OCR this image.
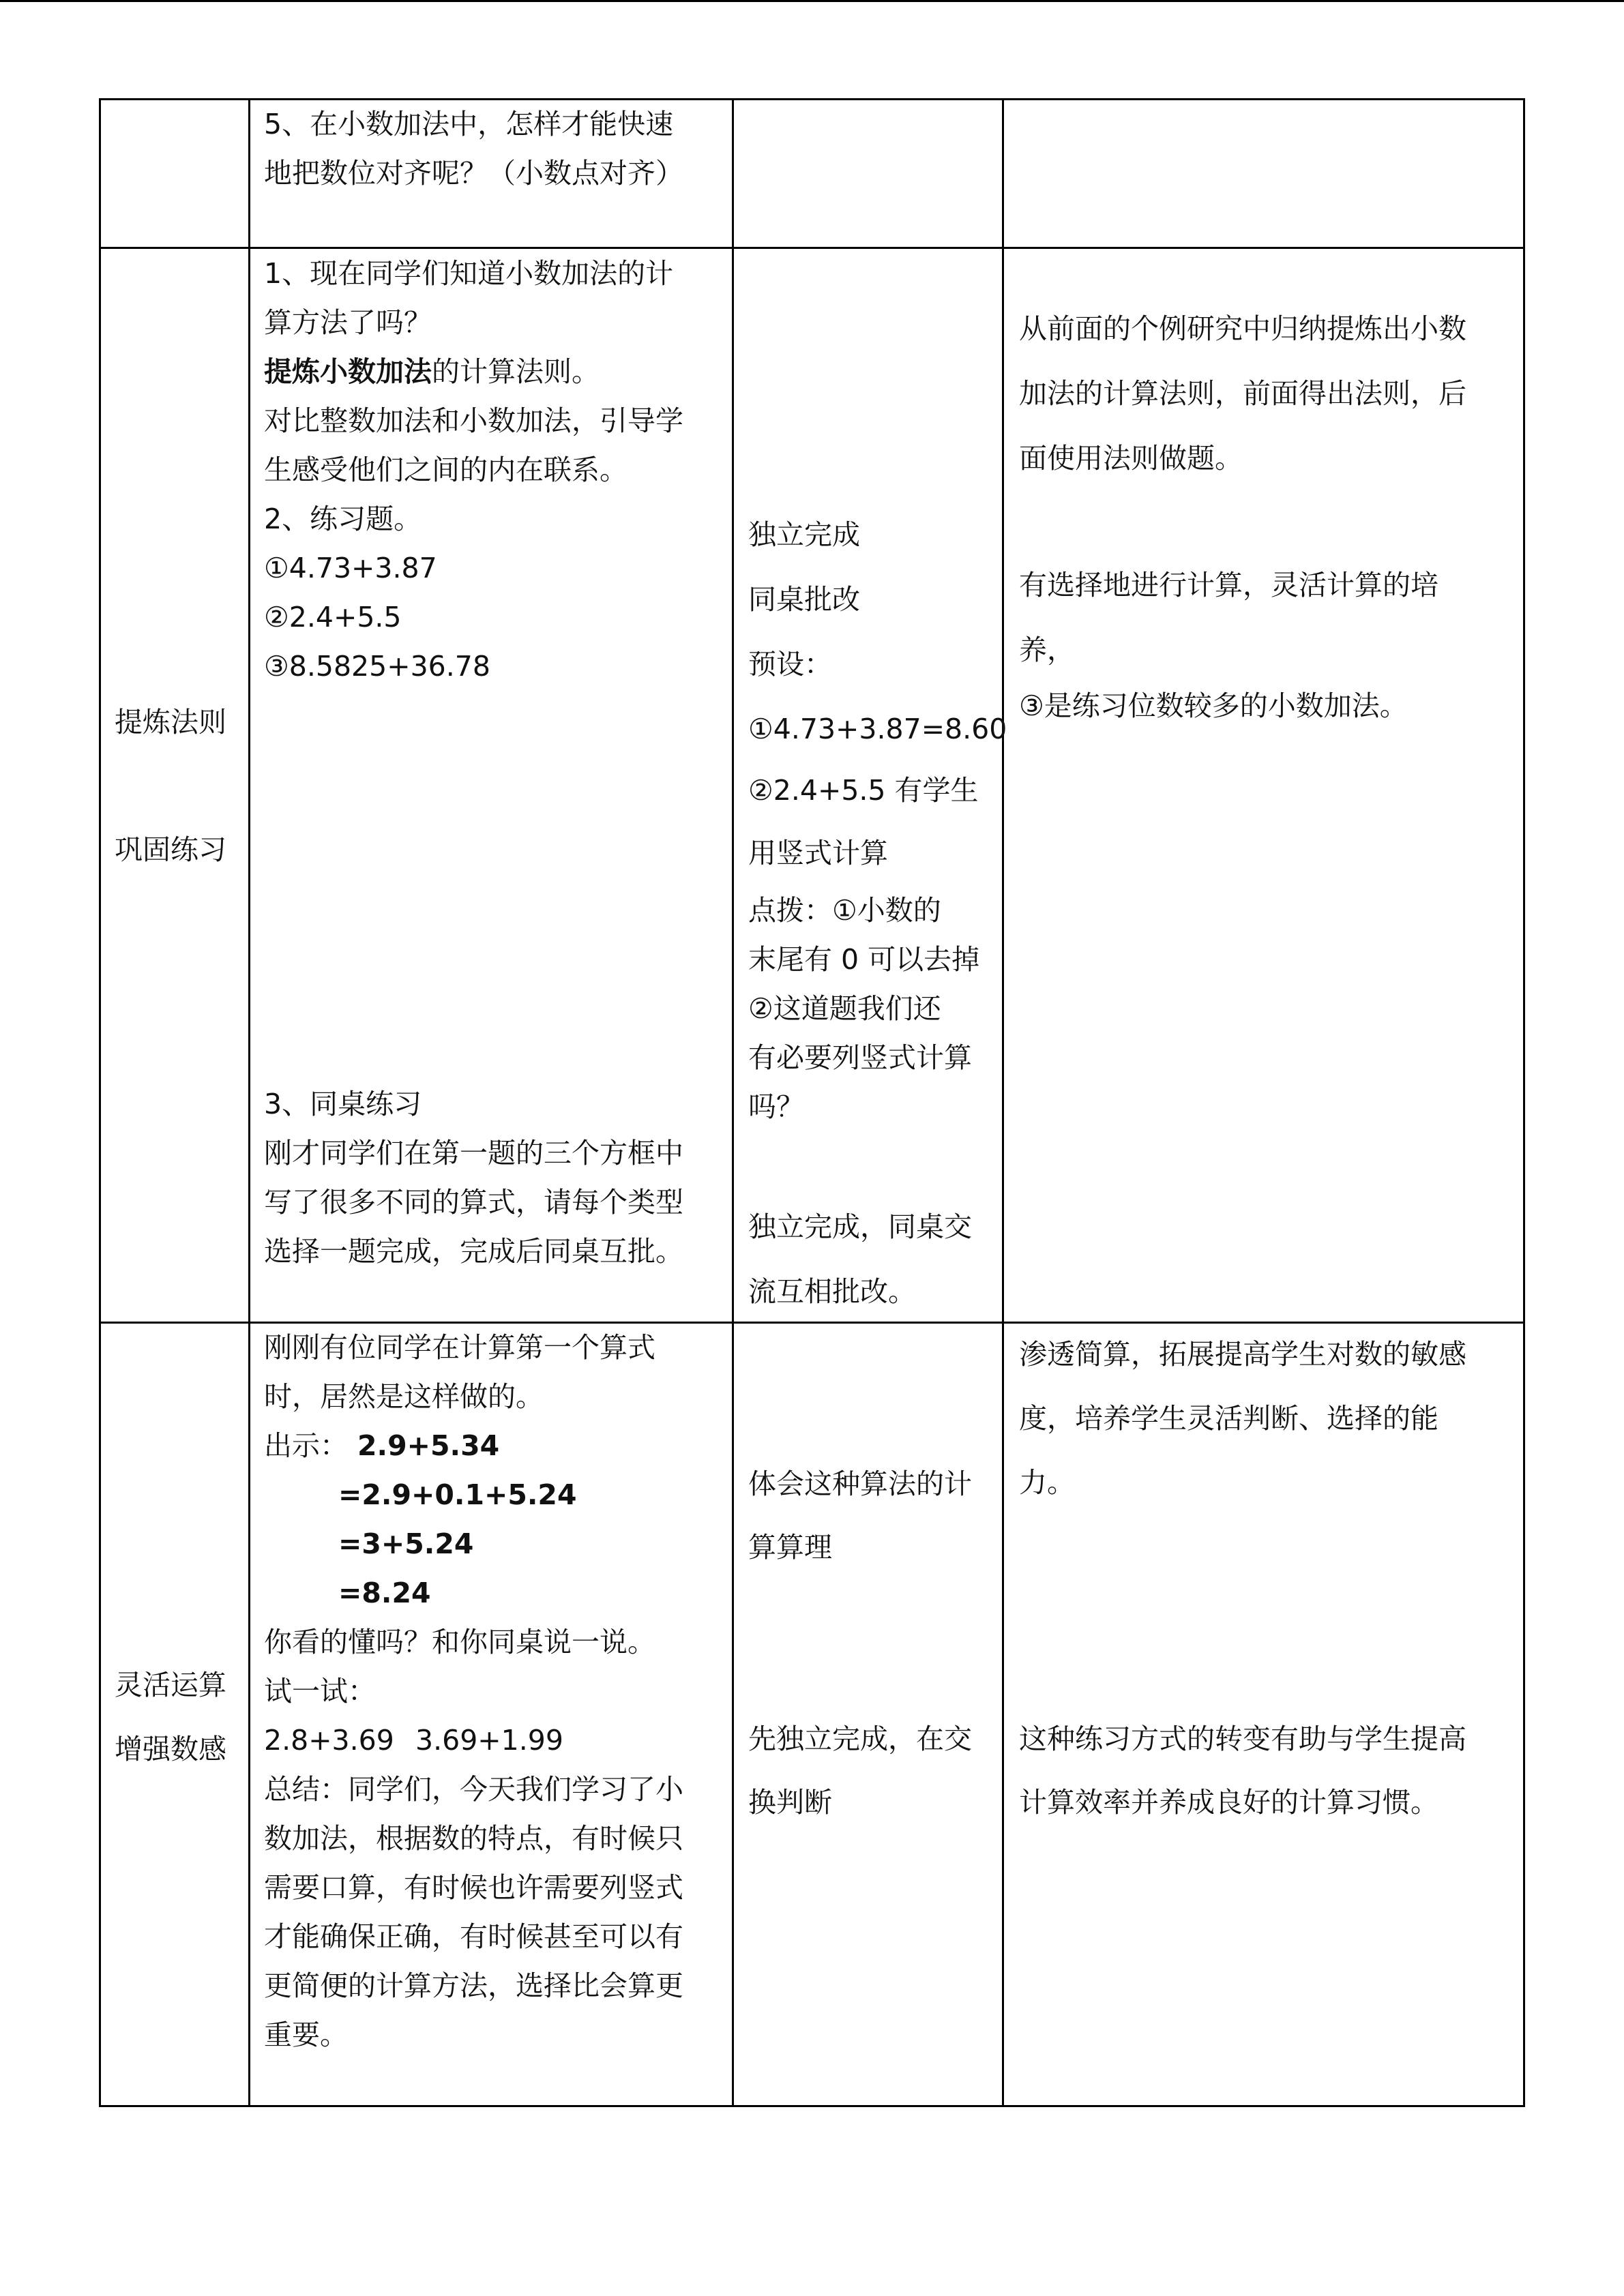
5、在小数加法中，怎样才能快速
地把数位对齐呢？（小数点对齐）
提炼法则
巩固练习
1、现在同学们知道小数加法的计
算方法了吗？
提炼小数加法的计算法则。
对比整数加法和小数加法，引导学
生感受他们之间的内在联系。
2、练习题。
①4.73+3.87
②2.4+5.5
③8.5825+36.78
3、同桌练习
刚才同学们在第一题的三个方框中
写了很多不同的算式，请每个类型
选择一题完成，完成后同桌互批。
独立完成
同桌批改
预设：
①4.73+3.87=8.60
②2.4+5.5 有学生
用竖式计算
点拨：①小数的
末尾有 0 可以去掉
②这道题我们还
有必要列竖式计算
吗？
独立完成，同桌交
流互相批改。
从前面的个例研究中归纳提炼出小数
加法的计算法则，前面得出法则，后
面使用法则做题。
有选择地进行计算，灵活计算的培
养，
③是练习位数较多的小数加法。
灵活运算
增强数感
刚刚有位同学在计算第一个算式
时，居然是这样做的。
出示： 2.9+5.34
=2.9+0.1+5.24
=3+5.24
=8.24
你看的懂吗？和你同桌说一说。
试一试：
2.8+3.69 3.69+1.99
总结：同学们，今天我们学习了小
数加法，根据数的特点，有时候只
需要口算，有时候也许需要列竖式
才能确保正确，有时候甚至可以有
更简便的计算方法，选择比会算更
重要。
体会这种算法的计
算算理
先独立完成，在交
换判断
渗透简算，拓展提高学生对数的敏感
度，培养学生灵活判断、选择的能
力。
这种练习方式的转变有助与学生提高
计算效率并养成良好的计算习惯。
